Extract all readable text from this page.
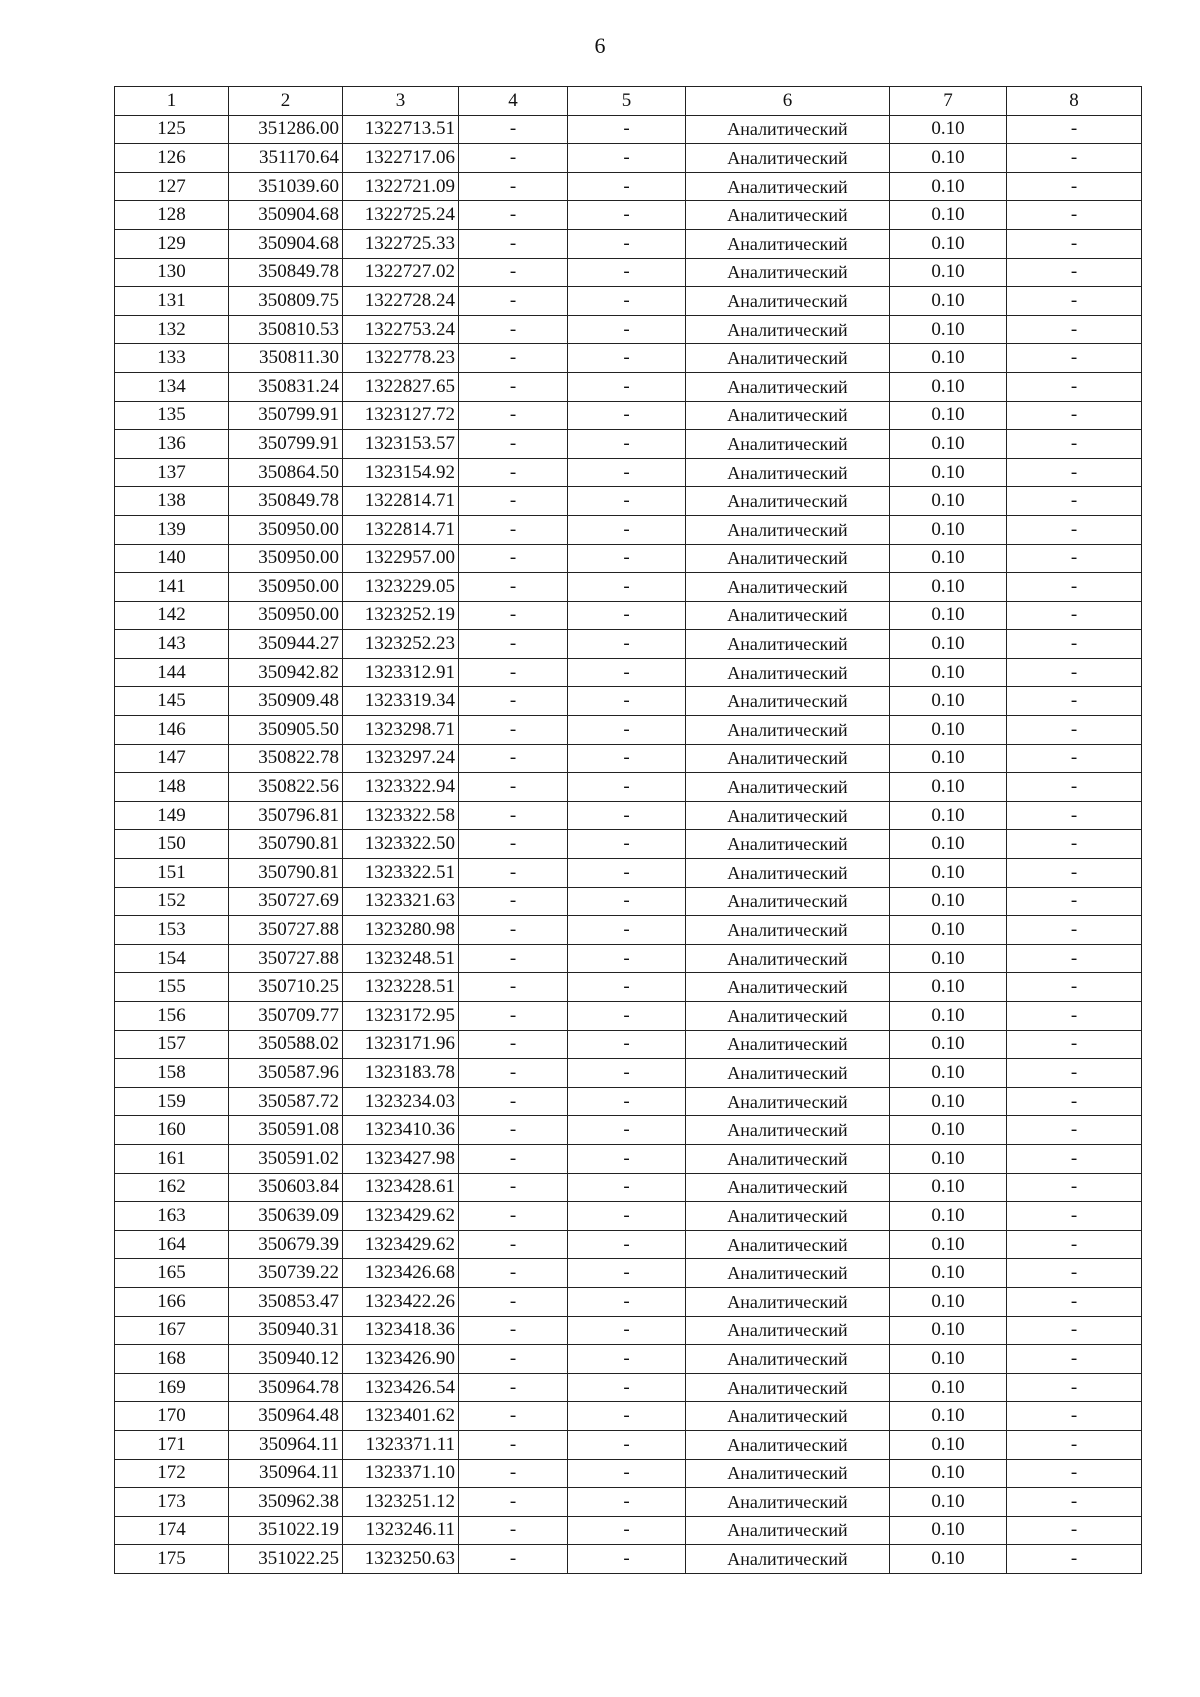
6
1	2	3	4	5	6	7	8
125	351286.00	1322713.51	-	-	Аналитический	0.10	-
126	351170.64	1322717.06	-	-	Аналитический	0.10	-
127	351039.60	1322721.09	-	-	Аналитический	0.10	-
128	350904.68	1322725.24	-	-	Аналитический	0.10	-
129	350904.68	1322725.33	-	-	Аналитический	0.10	-
130	350849.78	1322727.02	-	-	Аналитический	0.10	-
131	350809.75	1322728.24	-	-	Аналитический	0.10	-
132	350810.53	1322753.24	-	-	Аналитический	0.10	-
133	350811.30	1322778.23	-	-	Аналитический	0.10	-
134	350831.24	1322827.65	-	-	Аналитический	0.10	-
135	350799.91	1323127.72	-	-	Аналитический	0.10	-
136	350799.91	1323153.57	-	-	Аналитический	0.10	-
137	350864.50	1323154.92	-	-	Аналитический	0.10	-
138	350849.78	1322814.71	-	-	Аналитический	0.10	-
139	350950.00	1322814.71	-	-	Аналитический	0.10	-
140	350950.00	1322957.00	-	-	Аналитический	0.10	-
141	350950.00	1323229.05	-	-	Аналитический	0.10	-
142	350950.00	1323252.19	-	-	Аналитический	0.10	-
143	350944.27	1323252.23	-	-	Аналитический	0.10	-
144	350942.82	1323312.91	-	-	Аналитический	0.10	-
145	350909.48	1323319.34	-	-	Аналитический	0.10	-
146	350905.50	1323298.71	-	-	Аналитический	0.10	-
147	350822.78	1323297.24	-	-	Аналитический	0.10	-
148	350822.56	1323322.94	-	-	Аналитический	0.10	-
149	350796.81	1323322.58	-	-	Аналитический	0.10	-
150	350790.81	1323322.50	-	-	Аналитический	0.10	-
151	350790.81	1323322.51	-	-	Аналитический	0.10	-
152	350727.69	1323321.63	-	-	Аналитический	0.10	-
153	350727.88	1323280.98	-	-	Аналитический	0.10	-
154	350727.88	1323248.51	-	-	Аналитический	0.10	-
155	350710.25	1323228.51	-	-	Аналитический	0.10	-
156	350709.77	1323172.95	-	-	Аналитический	0.10	-
157	350588.02	1323171.96	-	-	Аналитический	0.10	-
158	350587.96	1323183.78	-	-	Аналитический	0.10	-
159	350587.72	1323234.03	-	-	Аналитический	0.10	-
160	350591.08	1323410.36	-	-	Аналитический	0.10	-
161	350591.02	1323427.98	-	-	Аналитический	0.10	-
162	350603.84	1323428.61	-	-	Аналитический	0.10	-
163	350639.09	1323429.62	-	-	Аналитический	0.10	-
164	350679.39	1323429.62	-	-	Аналитический	0.10	-
165	350739.22	1323426.68	-	-	Аналитический	0.10	-
166	350853.47	1323422.26	-	-	Аналитический	0.10	-
167	350940.31	1323418.36	-	-	Аналитический	0.10	-
168	350940.12	1323426.90	-	-	Аналитический	0.10	-
169	350964.78	1323426.54	-	-	Аналитический	0.10	-
170	350964.48	1323401.62	-	-	Аналитический	0.10	-
171	350964.11	1323371.11	-	-	Аналитический	0.10	-
172	350964.11	1323371.10	-	-	Аналитический	0.10	-
173	350962.38	1323251.12	-	-	Аналитический	0.10	-
174	351022.19	1323246.11	-	-	Аналитический	0.10	-
175	351022.25	1323250.63	-	-	Аналитический	0.10	-
